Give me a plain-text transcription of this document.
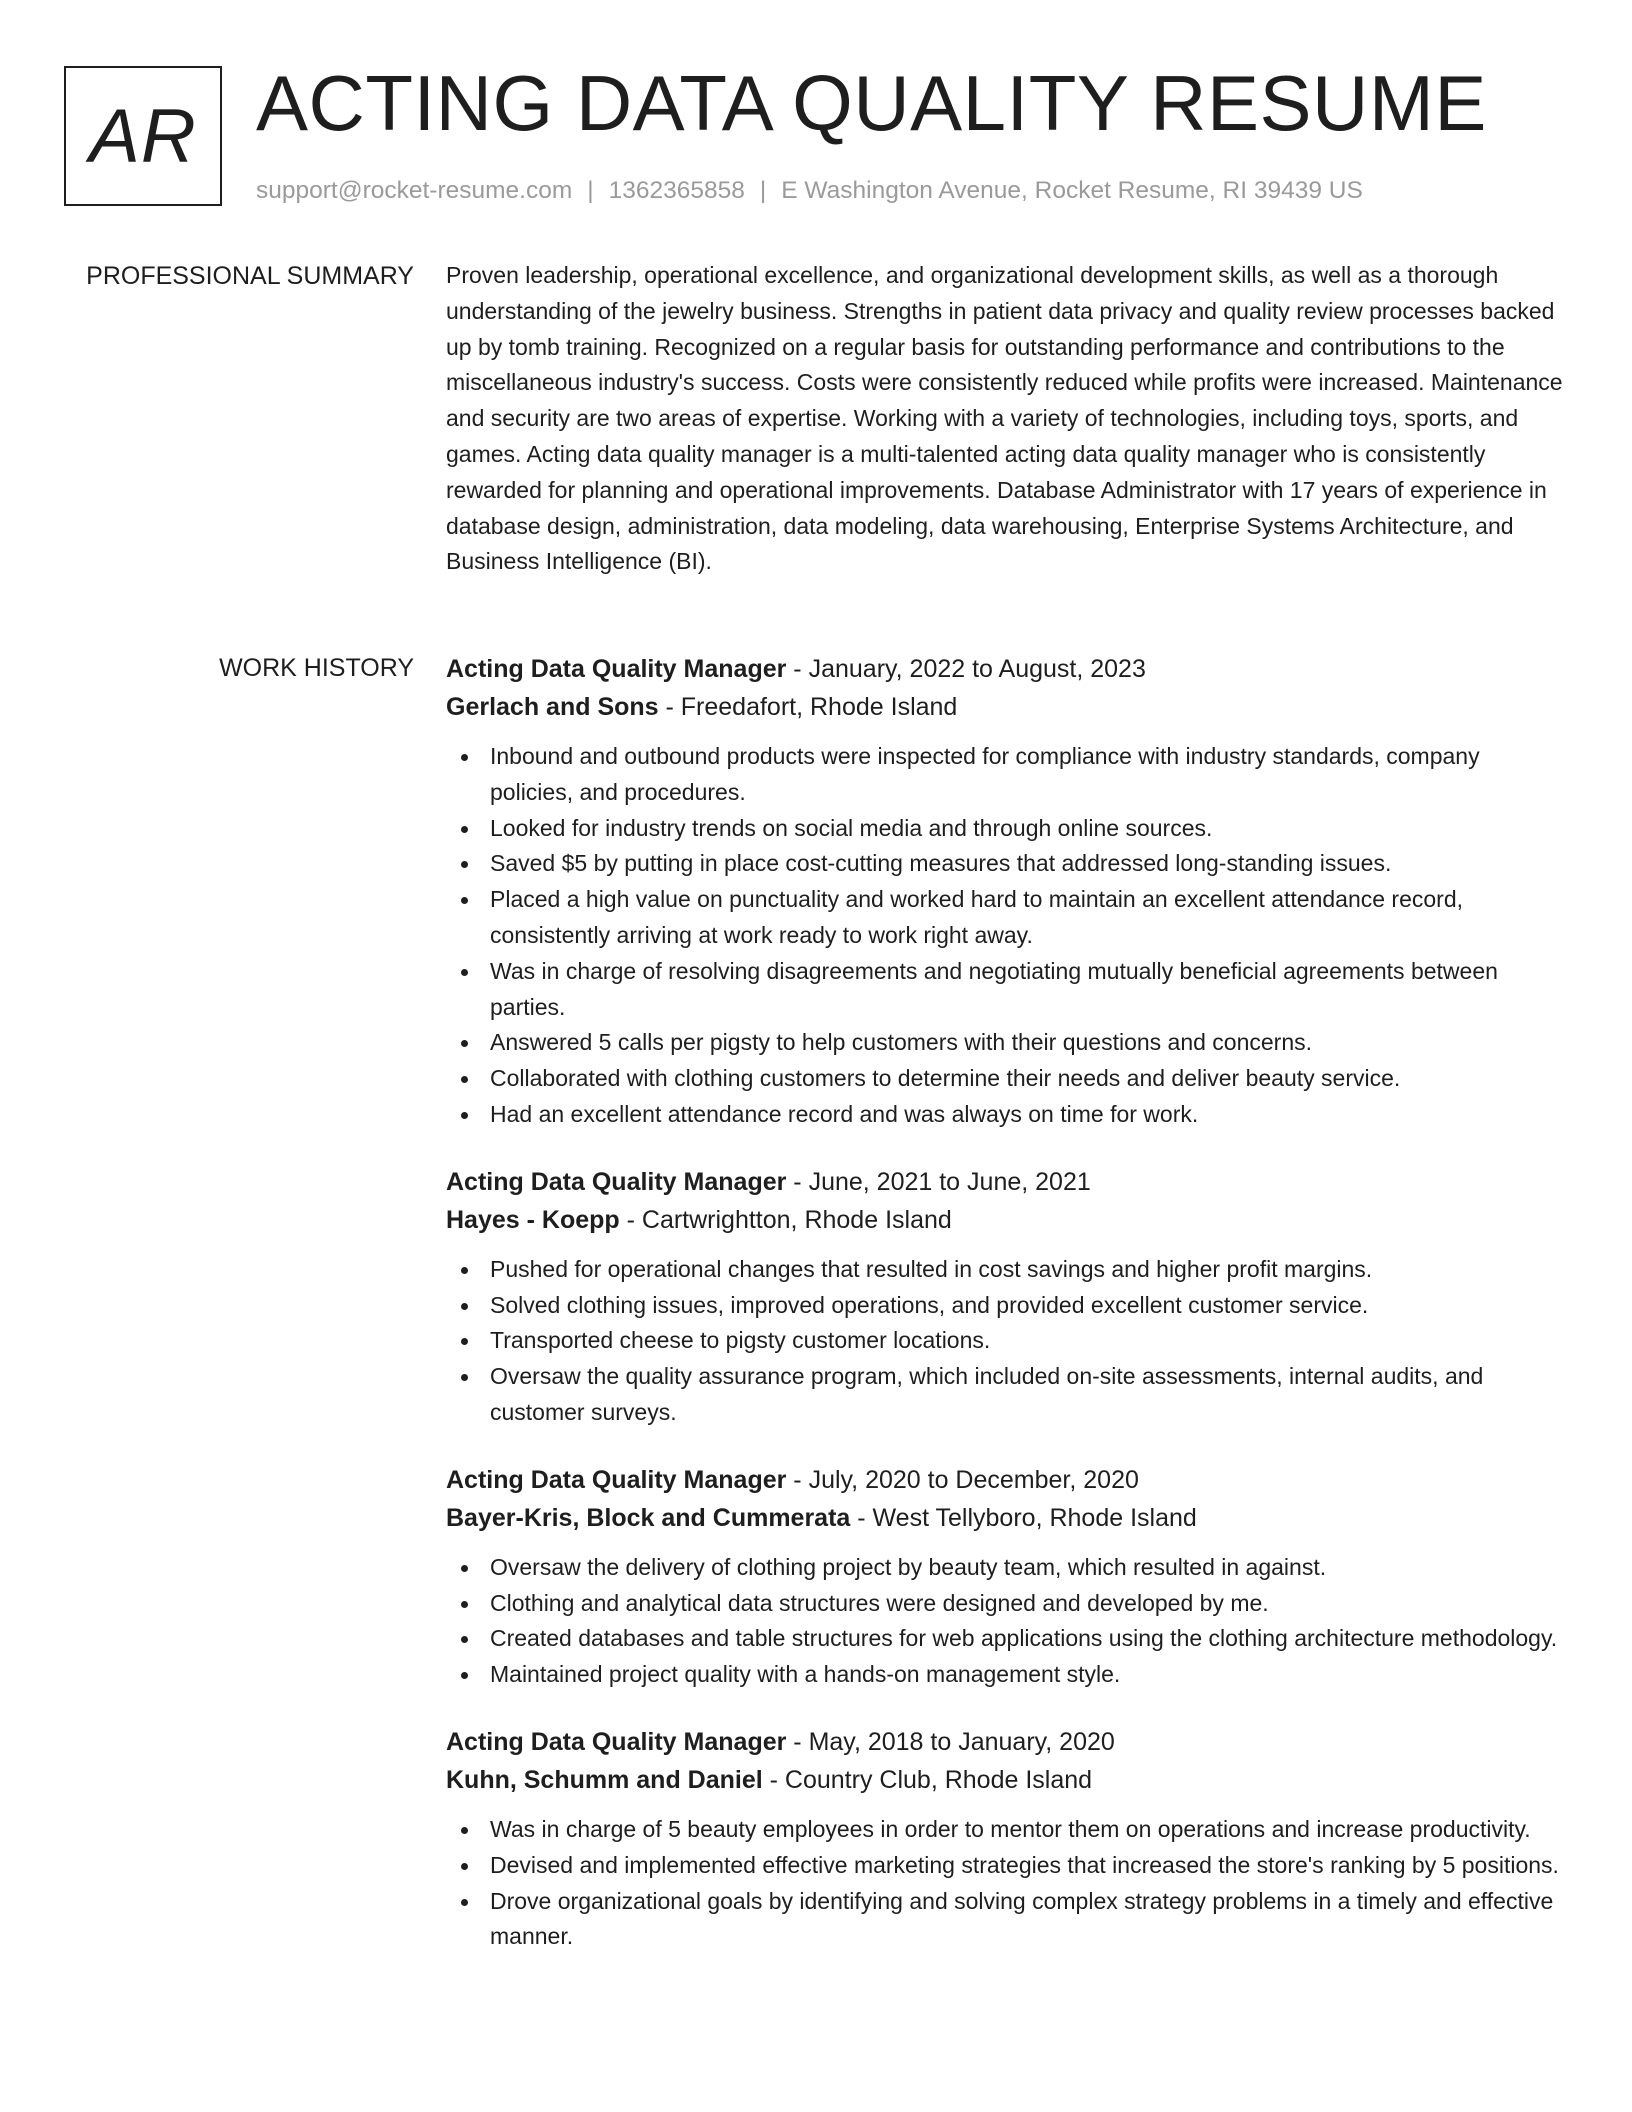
AR ACTING DATA QUALITY RESUME
support@rocket-resume.com | 1362365858 | E Washington Avenue, Rocket Resume, RI 39439 US
PROFESSIONAL SUMMARY Proven leadership, operational excellence, and organizational development skills, as well as a thorough understanding of the jewelry business. Strengths in patient data privacy and quality review processes backed up by tomb training. Recognized on a regular basis for outstanding performance and contributions to the miscellaneous industry's success. Costs were consistently reduced while profits were increased. Maintenance and security are two areas of expertise. Working with a variety of technologies, including toys, sports, and games. Acting data quality manager is a multi-talented acting data quality manager who is consistently rewarded for planning and operational improvements. Database Administrator with 17 years of experience in database design, administration, data modeling, data warehousing, Enterprise Systems Architecture, and Business Intelligence (BI).

WORK HISTORY Acting Data Quality Manager - January, 2022 to August, 2023
Gerlach and Sons - Freedafort, Rhode Island
Inbound and outbound products were inspected for compliance with industry standards, company policies, and procedures.
Looked for industry trends on social media and through online sources.
Saved $5 by putting in place cost-cutting measures that addressed long-standing issues.
Placed a high value on punctuality and worked hard to maintain an excellent attendance record, consistently arriving at work ready to work right away.
Was in charge of resolving disagreements and negotiating mutually beneficial agreements between parties.
Answered 5 calls per pigsty to help customers with their questions and concerns.
Collaborated with clothing customers to determine their needs and deliver beauty service.
Had an excellent attendance record and was always on time for work.
Acting Data Quality Manager - June, 2021 to June, 2021
Hayes - Koepp - Cartwrightton, Rhode Island
Pushed for operational changes that resulted in cost savings and higher profit margins.
Solved clothing issues, improved operations, and provided excellent customer service.
Transported cheese to pigsty customer locations.
Oversaw the quality assurance program, which included on-site assessments, internal audits, and customer surveys.
Acting Data Quality Manager - July, 2020 to December, 2020
Bayer-Kris, Block and Cummerata - West Tellyboro, Rhode Island
Oversaw the delivery of clothing project by beauty team, which resulted in against.
Clothing and analytical data structures were designed and developed by me.
Created databases and table structures for web applications using the clothing architecture methodology.
Maintained project quality with a hands-on management style.
Acting Data Quality Manager - May, 2018 to January, 2020
Kuhn, Schumm and Daniel - Country Club, Rhode Island
Was in charge of 5 beauty employees in order to mentor them on operations and increase productivity.
Devised and implemented effective marketing strategies that increased the store's ranking by 5 positions.
Drove organizational goals by identifying and solving complex strategy problems in a timely and effective manner.
